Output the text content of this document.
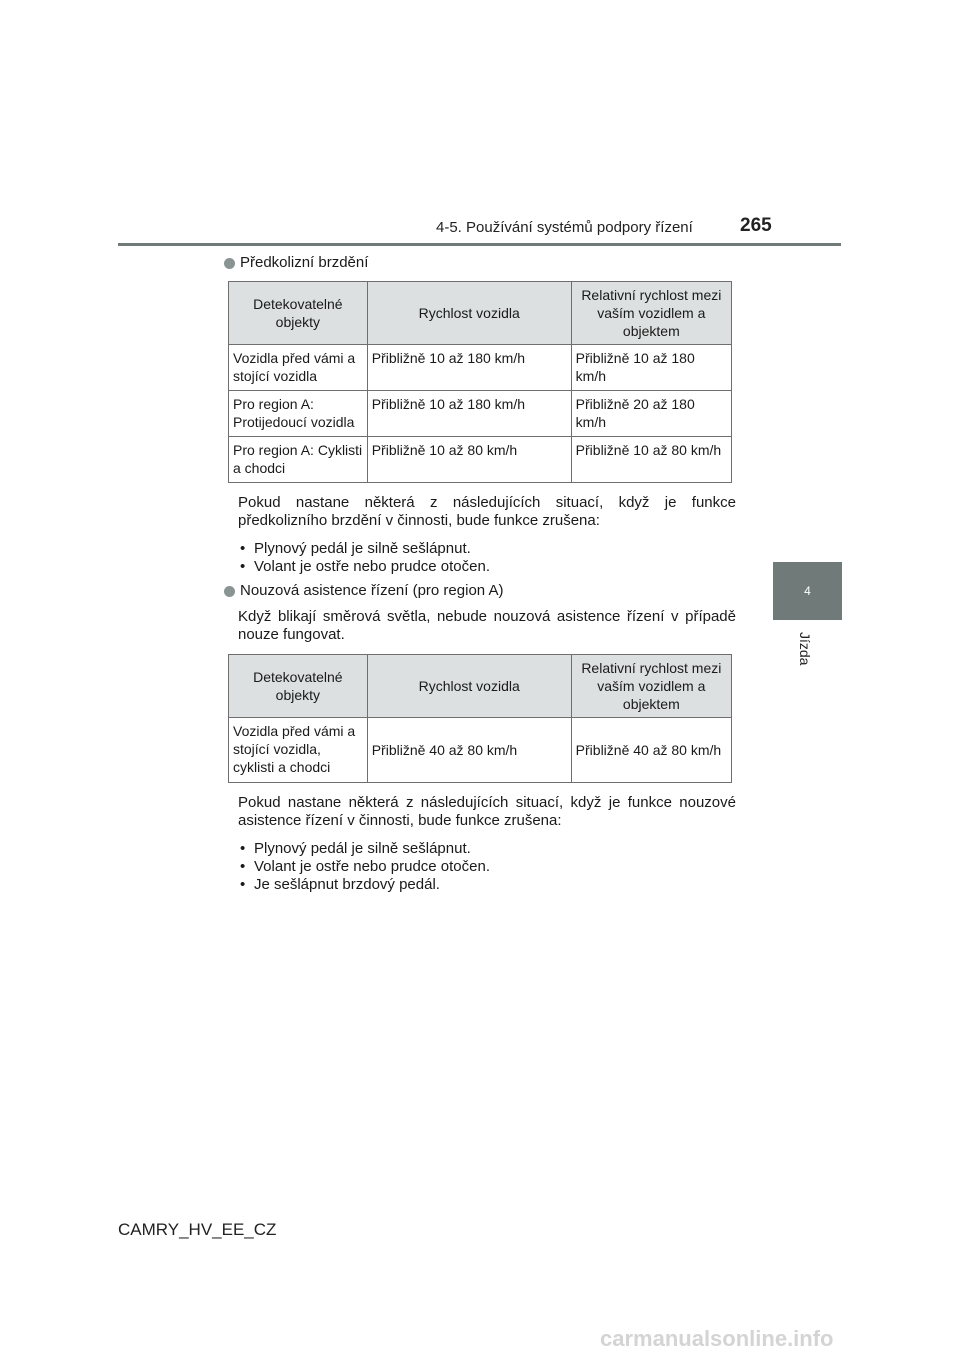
4-5. Používání systémů podpory řízení 265
4
Jízda
Předkolizní brzdění
Detekovatelné objekty	Rychlost vozidla	Relativní rychlost mezi vaším vozidlem a objektem
Vozidla před vámi a stojící vozidla	Přibližně 10 až 180 km/h	Přibližně 10 až 180 km/h
Pro region A: Protijedoucí vozidla	Přibližně 10 až 180 km/h	Přibližně 20 až 180 km/h
Pro region A: Cyklisti a chodci	Přibližně 10 až 80 km/h	Přibližně 10 až 80 km/h

Pokud nastane některá z následujících situací, když je funkce předkolizního brzdění v činnosti, bude funkce zrušena:

• Plynový pedál je silně sešlápnut.
• Volant je ostře nebo prudce otočen.
Nouzová asistence řízení (pro region A)

Když blikají směrová světla, nebude nouzová asistence řízení v případě nouze fungovat.

Detekovatelné objekty	Rychlost vozidla	Relativní rychlost mezi vaším vozidlem a objektem
Vozidla před vámi a stojící vozidla, cyklisti a chodci	Přibližně 40 až 80 km/h	Přibližně 40 až 80 km/h

Pokud nastane některá z následujících situací, když je funkce nouzové asistence řízení v činnosti, bude funkce zrušena:

• Plynový pedál je silně sešlápnut.
• Volant je ostře nebo prudce otočen.
• Je sešlápnut brzdový pedál.
CAMRY_HV_EE_CZ
carmanualsonline.info
